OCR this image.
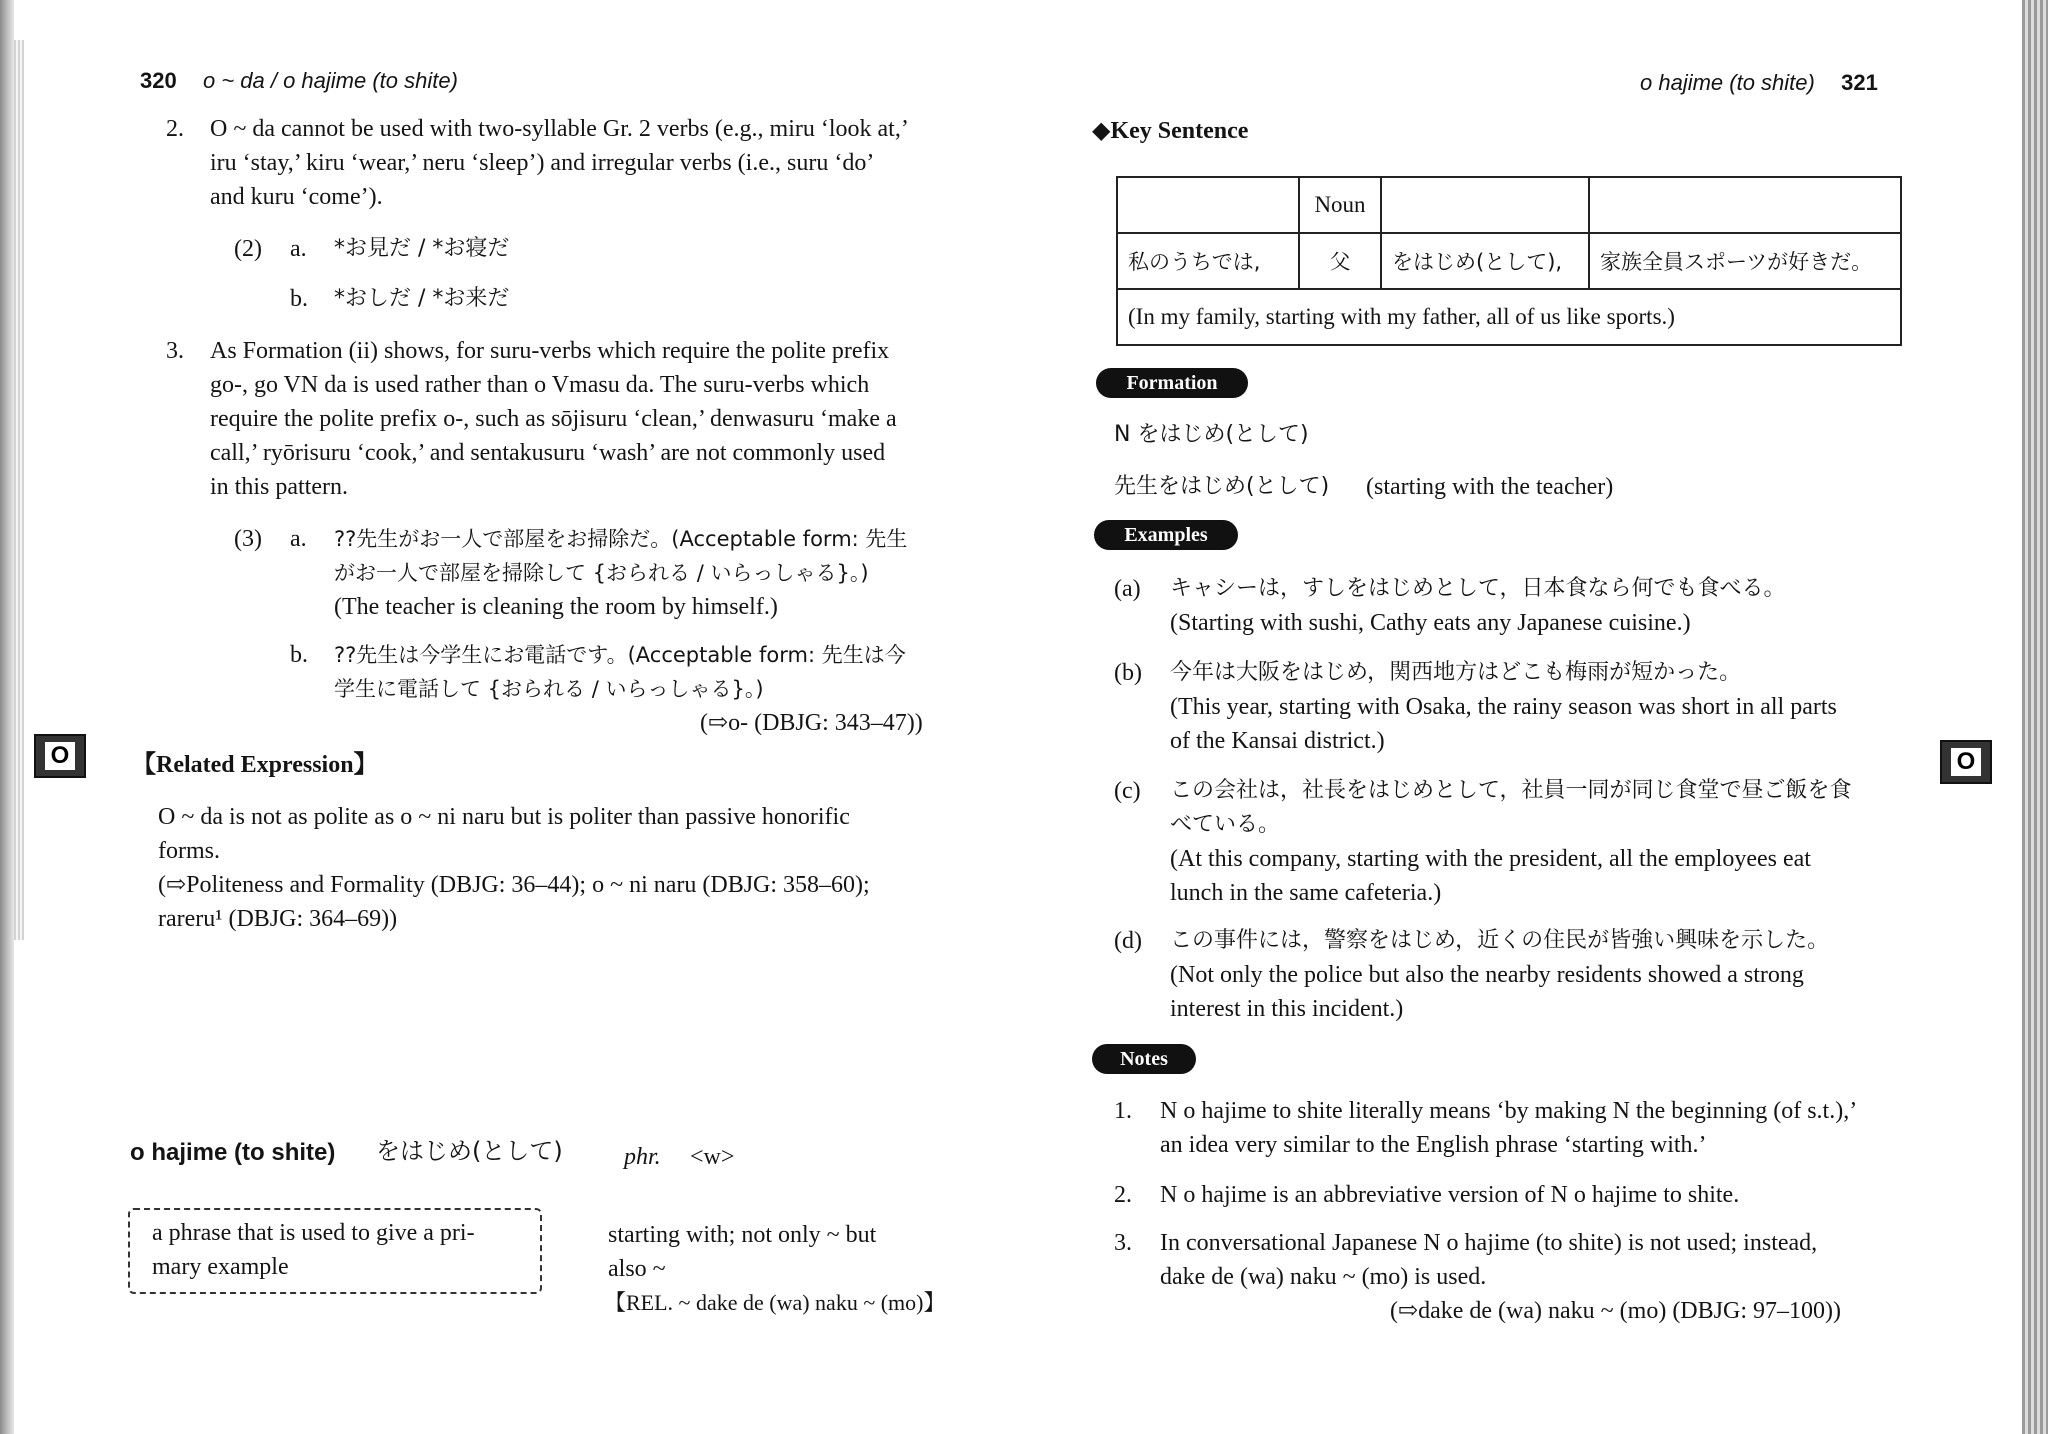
320 o ~ da / o hajime (to shite)
2. O ~ da cannot be used with two-syllable Gr. 2 verbs (e.g., miru ‘look at,’
iru ‘stay,’ kiru ‘wear,’ neru ‘sleep’) and irregular verbs (i.e., suru ‘do’
and kuru ‘come’).
(2) a. *お見だ / *お寝だ
b. *おしだ / *お来だ
3. As Formation (ii) shows, for suru-verbs which require the polite prefix
go-, go VN da is used rather than o Vmasu da. The suru-verbs which
require the polite prefix o-, such as sōjisuru ‘clean,’ denwasuru ‘make a
call,’ ryōrisuru ‘cook,’ and sentakusuru ‘wash’ are not commonly used
in this pattern.
(3) a. ??先生がお一人で部屋をお掃除だ。(Acceptable form: 先生
がお一人で部屋を掃除して {おられる / いらっしゃる}。)
(The teacher is cleaning the room by himself.)
b. ??先生は今学生にお電話です。(Acceptable form: 先生は今
学生に電話して {おられる / いらっしゃる}。)
(⇨o- (DBJG: 343–47))
O	【Related Expression】
O ~ da is not as polite as o ~ ni naru but is politer than passive honorific
forms.
(⇨Politeness and Formality (DBJG: 36–44); o ~ ni naru (DBJG: 358–60);
rareru¹ (DBJG: 364–69))
o hajime (to shite) をはじめ(として)	phr. <w>
a phrase that is used to give a pri-
mary example
starting with; not only ~ but
also ~
【REL. ~ dake de (wa) naku ~ (mo)】
o hajime (to shite) 321
◆Key Sentence
	Noun		
私のうちでは,	父	をはじめ(として),	家族全員スポーツが好きだ。
(In my family, starting with my father, all of us like sports.)			
Formation
N をはじめ(として)
先生をはじめ(として) (starting with the teacher)
Examples
(a) キャシーは，すしをはじめとして，日本食なら何でも食べる。
(Starting with sushi, Cathy eats any Japanese cuisine.)
(b) 今年は大阪をはじめ，関西地方はどこも梅雨が短かった。
(This year, starting with Osaka, the rainy season was short in all parts
of the Kansai district.)
(c) この会社は，社長をはじめとして，社員一同が同じ食堂で昼ご飯を食
べている。
(At this company, starting with the president, all the employees eat
lunch in the same cafeteria.)
(d) この事件には，警察をはじめ，近くの住民が皆強い興味を示した。
(Not only the police but also the nearby residents showed a strong
interest in this incident.)
O
Notes
1. N o hajime to shite literally means ‘by making N the beginning (of s.t.),’
an idea very similar to the English phrase ‘starting with.’
2. N o hajime is an abbreviative version of N o hajime to shite.
3. In conversational Japanese N o hajime (to shite) is not used; instead,
dake de (wa) naku ~ (mo) is used.
(⇨dake de (wa) naku ~ (mo) (DBJG: 97–100))
